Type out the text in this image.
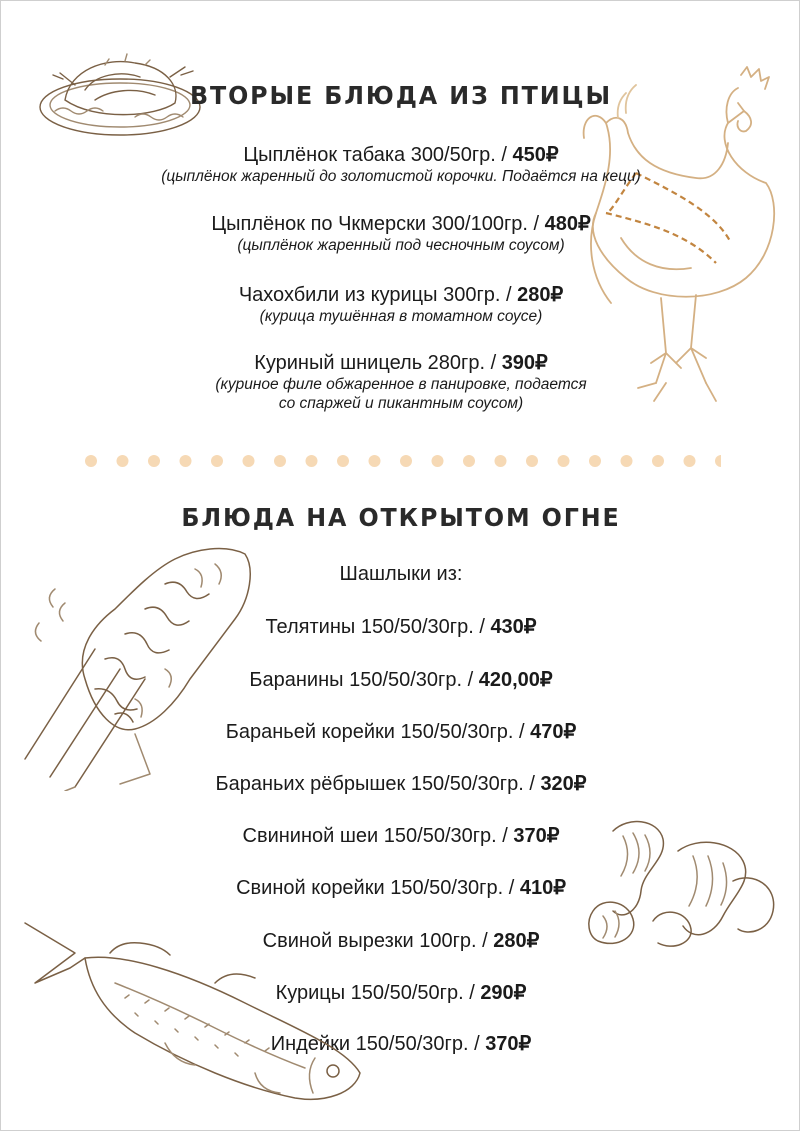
ВТОРЫЕ БЛЮДА ИЗ ПТИЦЫ
Цыплёнок табака 300/50гр. / 450₽
(цыплёнок жаренный до золотистой корочки. Подаётся на кеци)
Цыплёнок по Чкмерски 300/100гр. / 480₽
(цыплёнок жаренный под чесночным соусом)
Чахохбили из курицы 300гр. / 280₽
(курица тушённая в томатном соусе)
Куриный шницель 280гр. / 390₽
(куриное филе обжаренное в панировке, подается
со спаржей и пикантным соусом)
БЛЮДА НА ОТКРЫТОМ ОГНЕ
Шашлыки из:
Телятины 150/50/30гр. / 430₽
Баранины 150/50/30гр. / 420,00₽
Бараньей корейки 150/50/30гр. / 470₽
Бараньих рёбрышек 150/50/30гр. / 320₽
Свининой шеи 150/50/30гр. / 370₽
Свиной корейки 150/50/30гр. / 410₽
Свиной вырезки 100гр. / 280₽
Курицы 150/50/50гр. / 290₽
Индейки 150/50/30гр. / 370₽
